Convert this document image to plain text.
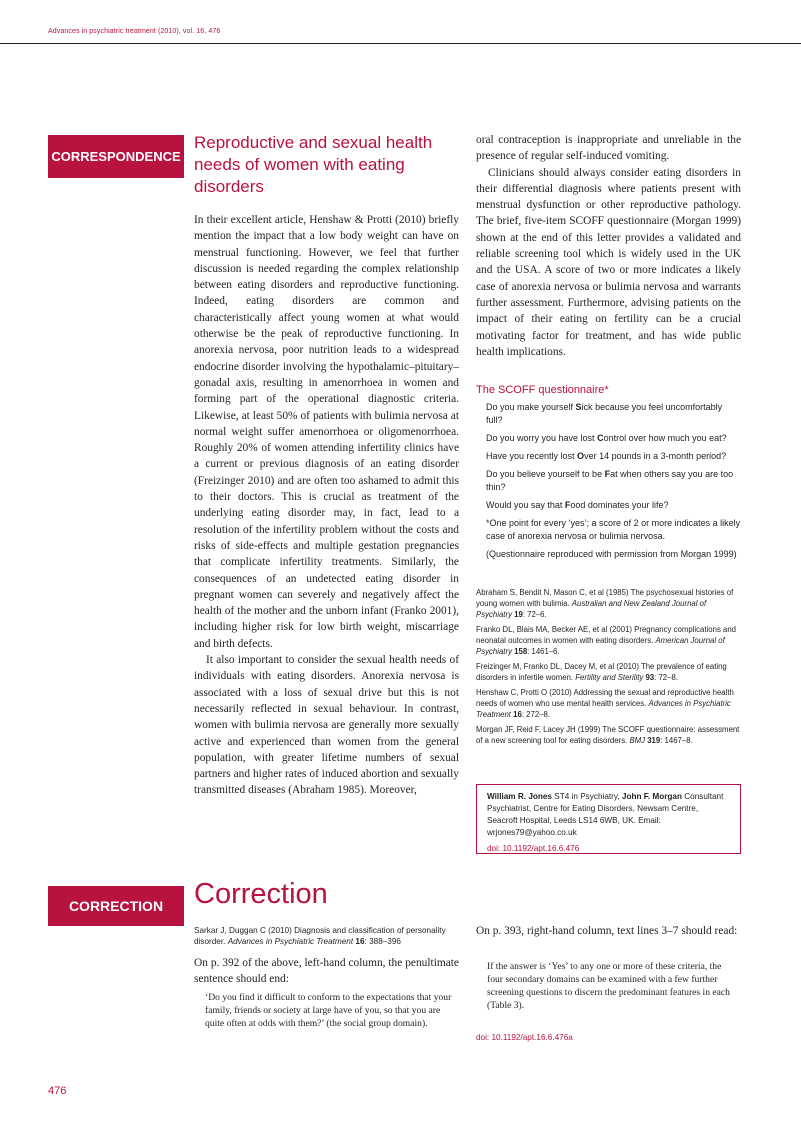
Advances in psychiatric treatment (2010), vol. 16, 476
CORRESPONDENCE
Reproductive and sexual health needs of women with eating disorders

In their excellent article, Henshaw & Protti (2010) briefly mention the impact that a low body weight can have on menstrual functioning. However, we feel that further discussion is needed regarding the complex relationship between eating disorders and reproductive functioning. Indeed, eating disorders are common and characteristically affect young women at what would otherwise be the peak of reproductive functioning. In anorexia nervosa, poor nutrition leads to a widespread endocrine disorder involving the hypothalamic–pituitary–gonadal axis, resulting in amenorrhoea in women and forming part of the operational diagnostic criteria. Likewise, at least 50% of patients with bulimia nervosa at normal weight suffer amenorrhoea or oligomenorrhoea. Roughly 20% of women attending infertility clinics have a current or previous diagnosis of an eating disorder (Freizinger 2010) and are often too ashamed to admit this to their doctors. This is crucial as treatment of the underlying eating disorder may, in fact, lead to a resolution of the infertility problem without the costs and risks of side-effects and multiple gestation pregnancies that complicate infertility treatments. Similarly, the consequences of an undetected eating disorder in pregnant women can severely and negatively affect the health of the mother and the unborn infant (Franko 2001), including higher risk for low birth weight, miscarriage and birth defects.

It also important to consider the sexual health needs of individuals with eating disorders. Anorexia nervosa is associated with a loss of sexual drive but this is not necessarily reflected in sexual behaviour. In contrast, women with bulimia nervosa are generally more sexually active and experienced than women from the general population, with greater lifetime numbers of sexual partners and higher rates of induced abortion and sexually transmitted diseases (Abraham 1985). Moreover,

oral contraception is inappropriate and unreliable in the presence of regular self-induced vomiting.

Clinicians should always consider eating disorders in their differential diagnosis where patients present with menstrual dysfunction or other reproductive pathology. The brief, five-item SCOFF questionnaire (Morgan 1999) shown at the end of this letter provides a validated and reliable screening tool which is widely used in the UK and the USA. A score of two or more indicates a likely case of anorexia nervosa or bulimia nervosa and warrants further assessment. Furthermore, advising patients on the impact of their eating on fertility can be a crucial motivating factor for treatment, and has wide public health implications.

The SCOFF questionnaire*
Do you make yourself Sick because you feel uncomfortably full?
Do you worry you have lost Control over how much you eat?
Have you recently lost Over 14 pounds in a 3-month period?
Do you believe yourself to be Fat when others say you are too thin?
Would you say that Food dominates your life?
*One point for every ‘yes’; a score of 2 or more indicates a likely case of anorexia nervosa or bulimia nervosa.
(Questionnaire reproduced with permission from Morgan 1999)
Abraham S, Bendit N, Mason C, et al (1985) The psychosexual histories of young women with bulimia. Australian and New Zealand Journal of Psychiatry 19: 72–6.
Franko DL, Blais MA, Becker AE, et al (2001) Pregnancy complications and neonatal outcomes in women with eating disorders. American Journal of Psychiatry 158: 1461–6.
Freizinger M, Franko DL, Dacey M, et al (2010) The prevalence of eating disorders in infertile women. Fertility and Sterility 93: 72–8.
Henshaw C, Protti O (2010) Addressing the sexual and reproductive health needs of women who use mental health services. Advances in Psychiatric Treatment 16: 272–8.
Morgan JF, Reid F, Lacey JH (1999) The SCOFF questionnaire: assessment of a new screening tool for eating disorders. BMJ 319: 1467–8.
William R. Jones ST4 in Psychiatry, John F. Morgan Consultant Psychiatrist, Centre for Eating Disorders, Newsam Centre, Seacroft Hospital, Leeds LS14 6WB, UK. Email: wrjones79@yahoo.co.uk
doi: 10.1192/apt.16.6.476
CORRECTION	Correction
Sarkar J, Duggan C (2010) Diagnosis and classification of personality disorder. Advances in Psychiatric Treatment 16: 388–396
On p. 392 of the above, left-hand column, the penultimate sentence should end:
‘Do you find it difficult to conform to the expectations that your family, friends or society at large have of you, so that you are quite often at odds with them?’ (the social group domain).
On p. 393, right-hand column, text lines 3–7 should read:
If the answer is ‘Yes’ to any one or more of these criteria, the four secondary domains can be examined with a few further screening questions to discern the predominant features in each (Table 3).
doi: 10.1192/apt.16.6.476a
476
